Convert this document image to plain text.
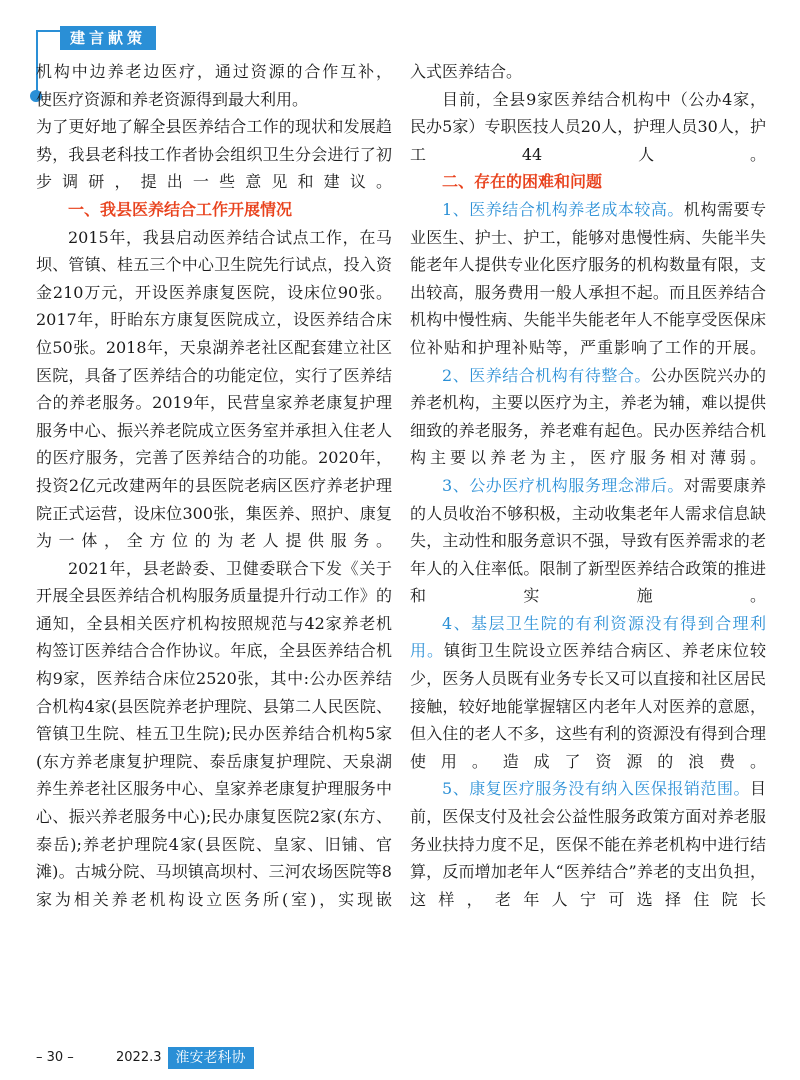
建言献策

机构中边养老边医疗，通过资源的合作互补，

使医疗资源和养老资源得到最大利用。

为了更好地了解全县医养结合工作的现状和发展趋势，我县老科技工作者协会组织卫生分会进行了初步调研，提出一些意见和建议。

一、我县医养结合工作开展情况

2015年，我县启动医养结合试点工作，在马坝、管镇、桂五三个中心卫生院先行试点，投入资金210万元，开设医养康复医院，设床位90张。2017年，盱眙东方康复医院成立，设医养结合床位50张。2018年，天泉湖养老社区配套建立社区医院，具备了医养结合的功能定位，实行了医养结合的养老服务。2019年，民营皇家养老康复护理服务中心、振兴养老院成立医务室并承担入住老人的医疗服务，完善了医养结合的功能。2020年，投资2亿元改建两年的县医院老病区医疗养老护理院正式运营，设床位300张，集医养、照护、康复为一体，全方位的为老人提供服务。

2021年，县老龄委、卫健委联合下发《关于开展全县医养结合机构服务质量提升行动工作》的通知，全县相关医疗机构按照规范与42家养老机构签订医养结合合作协议。年底，全县医养结合机构9家，医养结合床位2520张，其中:公办医养结合机构4家(县医院养老护理院、县第二人民医院、管镇卫生院、桂五卫生院);民办医养结合机构5家(东方养老康复护理院、泰岳康复护理院、天泉湖养生养老社区服务中心、皇家养老康复护理服务中心、振兴养老服务中心);民办康复医院2家(东方、泰岳);养老护理院4家(县医院、皇家、旧铺、官滩)。古城分院、马坝镇高坝村、三河农场医院等8家为相关养老机构设立医务所(室)，实现嵌

入式医养结合。

目前，全县9家医养结合机构中（公办4家，民办5家）专职医技人员20人，护理人员30人，护工44人。

二、存在的困难和问题

1、医养结合机构养老成本较高。机构需要专业医生、护士、护工，能够对患慢性病、失能半失能老年人提供专业化医疗服务的机构数量有限，支出较高，服务费用一般人承担不起。而且医养结合机构中慢性病、失能半失能老年人不能享受医保床位补贴和护理补贴等，严重影响了工作的开展。

2、医养结合机构有待整合。公办医院兴办的养老机构，主要以医疗为主，养老为辅，难以提供细致的养老服务，养老难有起色。民办医养结合机构主要以养老为主，医疗服务相对薄弱。

3、公办医疗机构服务理念滞后。对需要康养的人员收治不够积极，主动收集老年人需求信息缺失，主动性和服务意识不强，导致有医养需求的老年人的入住率低。限制了新型医养结合政策的推进和实施。

4、基层卫生院的有利资源没有得到合理利用。镇街卫生院设立医养结合病区、养老床位较少，医务人员既有业务专长又可以直接和社区居民接触，较好地能掌握辖区内老年人对医养的意愿，但入住的老人不多，这些有利的资源没有得到合理使用。造成了资源的浪费。

5、康复医疗服务没有纳入医保报销范围。目前，医保支付及社会公益性服务政策方面对养老服务业扶持力度不足，医保不能在养老机构中进行结算，反而增加老年人“医养结合”养老的支出负担，这样，老年人宁可选择住院长

– 30 –	2022.3	淮安老科协
